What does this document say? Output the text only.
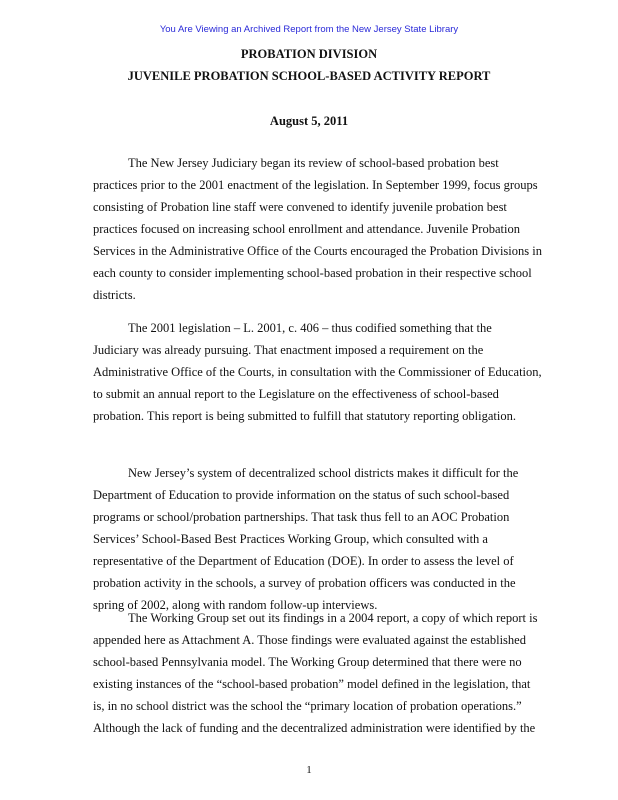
You Are Viewing an Archived Report from the New Jersey State Library
PROBATION DIVISION
JUVENILE PROBATION SCHOOL-BASED ACTIVITY REPORT
August 5, 2011
The New Jersey Judiciary began its review of school-based probation best
practices prior to the 2001 enactment of the legislation. In September 1999, focus groups
consisting of Probation line staff were convened to identify juvenile probation best
practices focused on increasing school enrollment and attendance. Juvenile Probation
Services in the Administrative Office of the Courts encouraged the Probation Divisions in
each county to consider implementing school-based probation in their respective school
districts.
The 2001 legislation – L. 2001, c. 406 – thus codified something that the
Judiciary was already pursuing. That enactment imposed a requirement on the
Administrative Office of the Courts, in consultation with the Commissioner of Education,
to submit an annual report to the Legislature on the effectiveness of school-based
probation. This report is being submitted to fulfill that statutory reporting obligation.
New Jersey’s system of decentralized school districts makes it difficult for the
Department of Education to provide information on the status of such school-based
programs or school/probation partnerships. That task thus fell to an AOC Probation
Services’ School-Based Best Practices Working Group, which consulted with a
representative of the Department of Education (DOE). In order to assess the level of
probation activity in the schools, a survey of probation officers was conducted in the
spring of 2002, along with random follow-up interviews.
The Working Group set out its findings in a 2004 report, a copy of which report is
appended here as Attachment A. Those findings were evaluated against the established
school-based Pennsylvania model. The Working Group determined that there were no
existing instances of the “school-based probation” model defined in the legislation, that
is, in no school district was the school the “primary location of probation operations.”
Although the lack of funding and the decentralized administration were identified by the
1
